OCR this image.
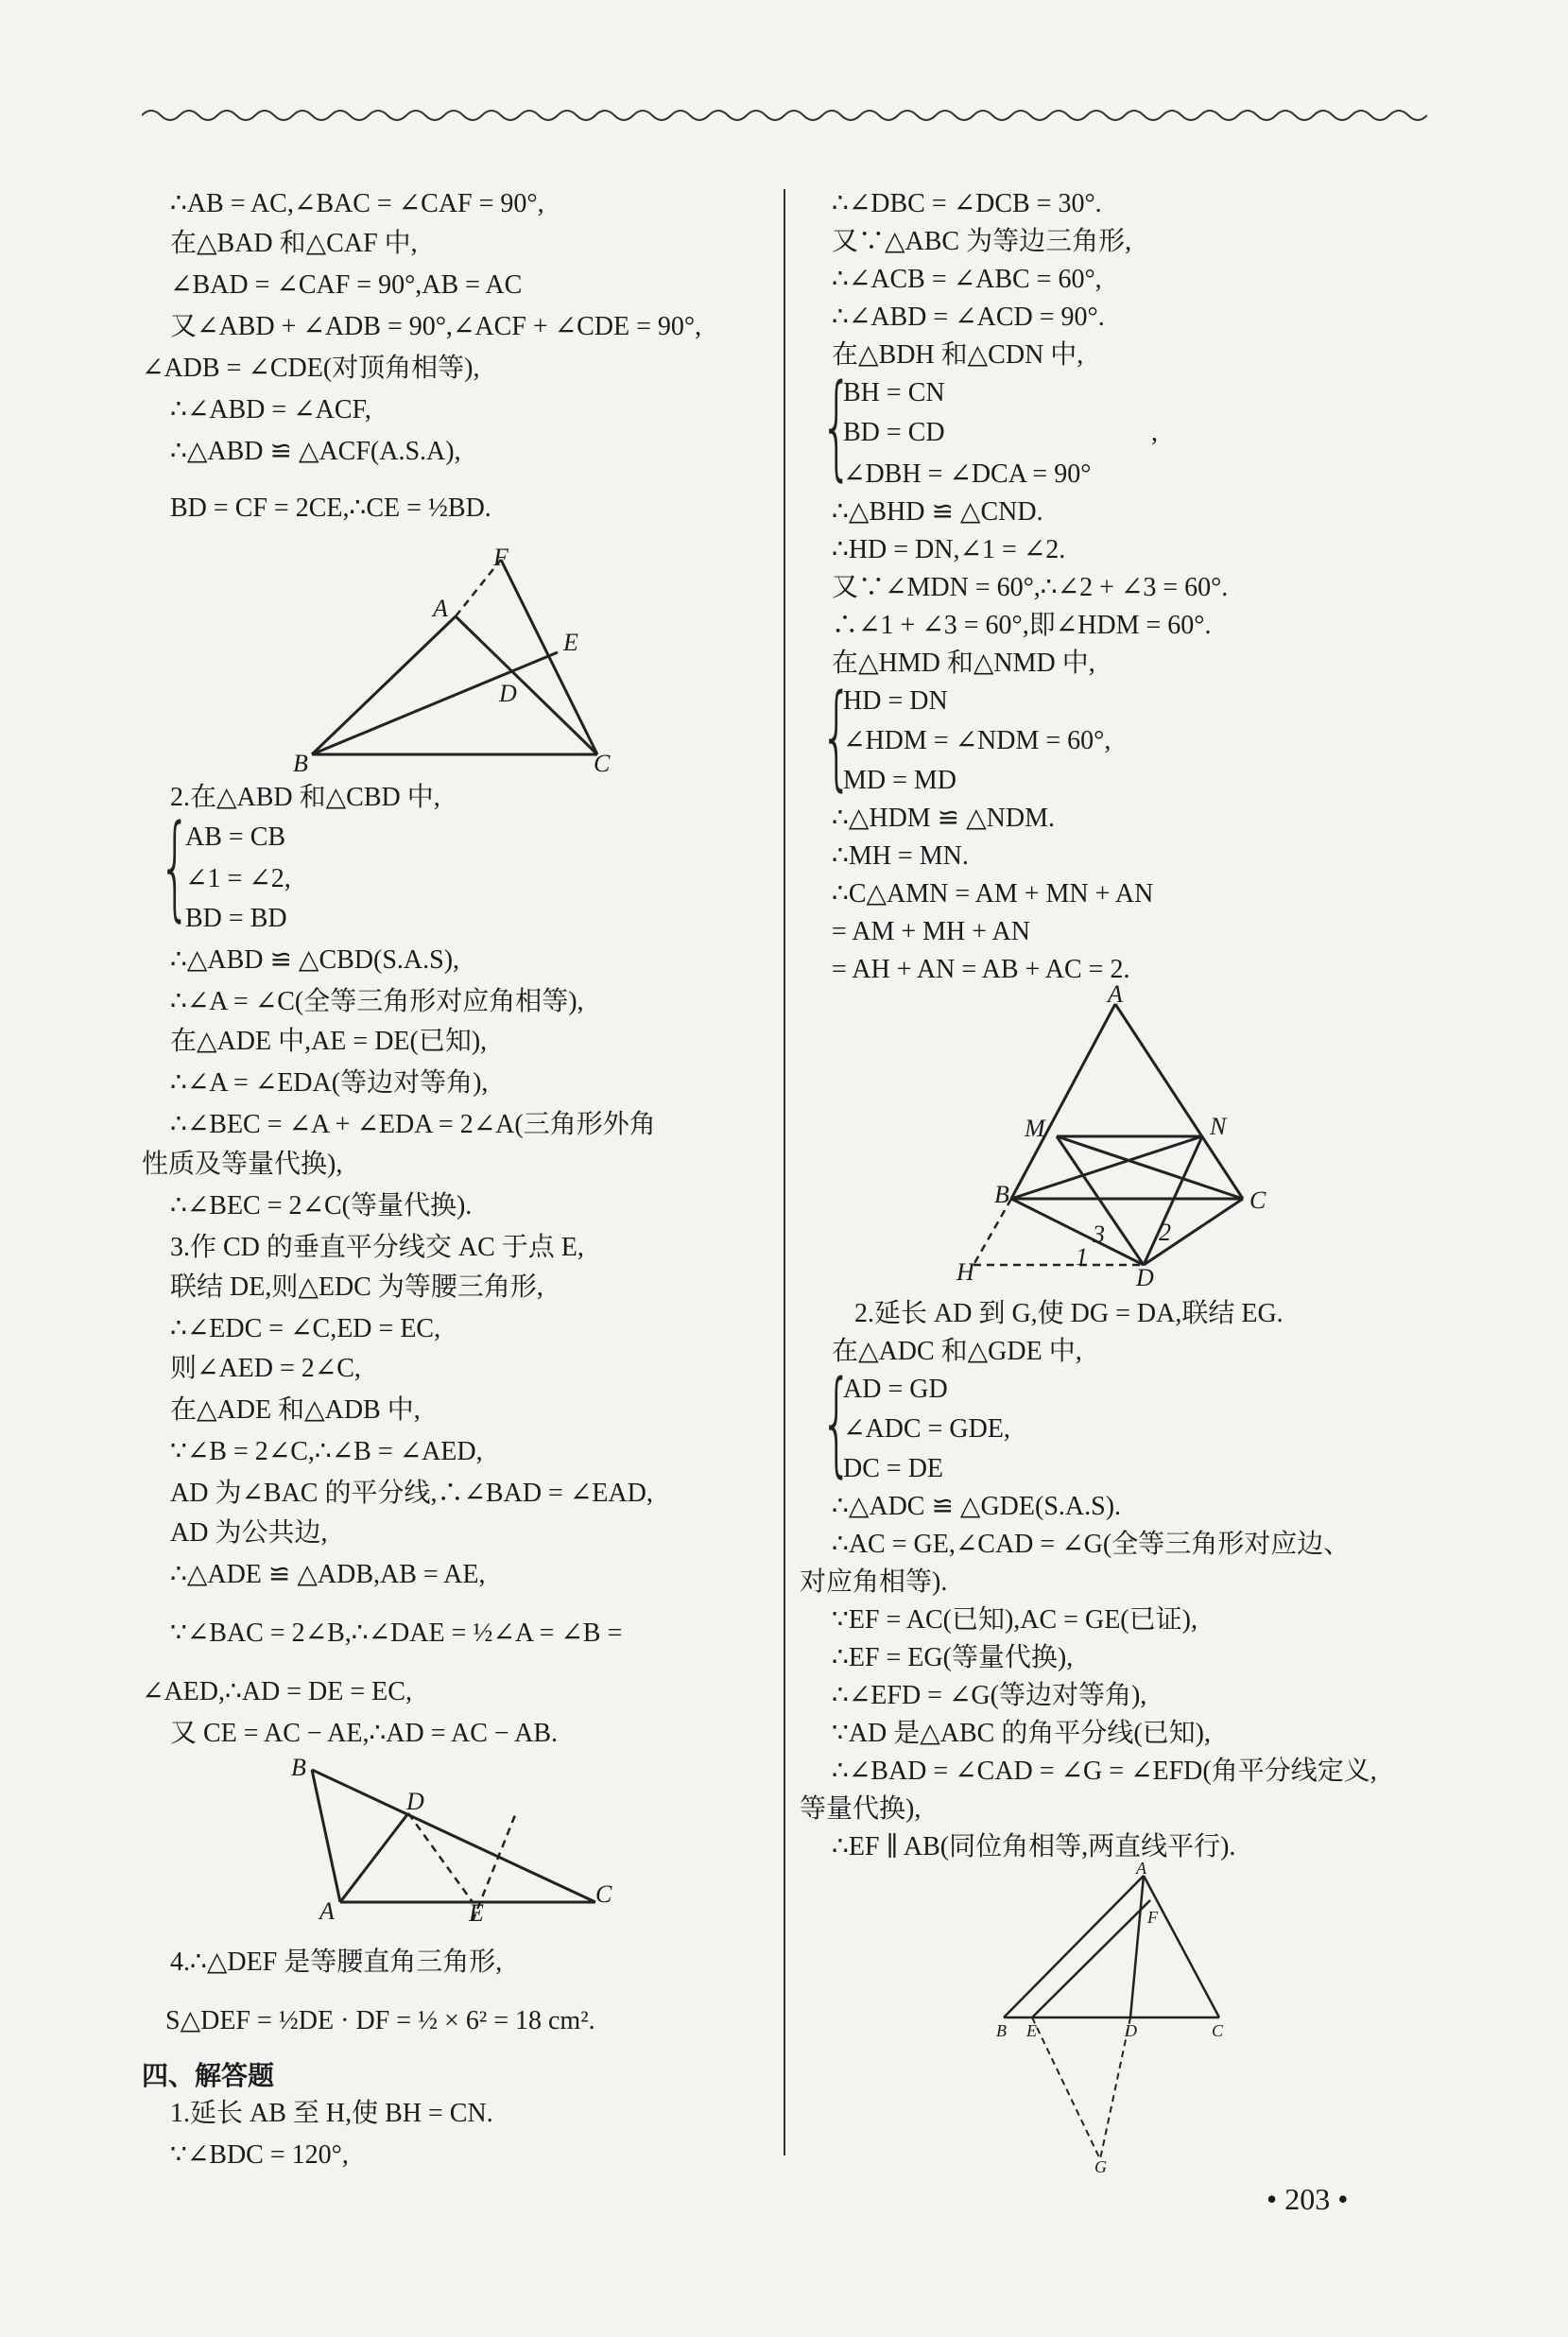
∴AB = AC,∠BAC = ∠CAF = 90°,
在△BAD 和△CAF 中,
∠BAD = ∠CAF = 90°,AB = AC
又∠ABD + ∠ADB = 90°,∠ACF + ∠CDE = 90°,
∠ADB = ∠CDE(对顶角相等),
∴∠ABD = ∠ACF,
∴△ABD ≌ △ACF(A.S.A),
BD = CF = 2CE,∴CE = ½BD.
F
A
E
D
B	C
2.在△ABD 和△CBD 中,
{
AB = CB
∠1 = ∠2,
BD = BD
∴△ABD ≌ △CBD(S.A.S),
∴∠A = ∠C(全等三角形对应角相等),
在△ADE 中,AE = DE(已知),
∴∠A = ∠EDA(等边对等角),
∴∠BEC = ∠A + ∠EDA = 2∠A(三角形外角
性质及等量代换),
∴∠BEC = 2∠C(等量代换).
3.作 CD 的垂直平分线交 AC 于点 E,
联结 DE,则△EDC 为等腰三角形,
∴∠EDC = ∠C,ED = EC,
则∠AED = 2∠C,
在△ADE 和△ADB 中,
∵∠B = 2∠C,∴∠B = ∠AED,
AD 为∠BAC 的平分线,∴∠BAD = ∠EAD,
AD 为公共边,
∴△ADE ≌ △ADB,AB = AE,
∵∠BAC = 2∠B,∴∠DAE = ½∠A = ∠B =
∠AED,∴AD = DE = EC,
又 CE = AC − AE,∴AD = AC − AB.
B
D
A	E
C
4.∴△DEF 是等腰直角三角形,
S△DEF = ½DE · DF = ½ × 6² = 18 cm².
四、解答题
1.延长 AB 至 H,使 BH = CN.
∵∠BDC = 120°,
∴∠DBC = ∠DCB = 30°.
又∵△ABC 为等边三角形,
∴∠ACB = ∠ABC = 60°,
∴∠ABD = ∠ACD = 90°.
在△BDH 和△CDN 中,
{
BH = CN
BD = CD	,
∠DBH = ∠DCA = 90°
∴△BHD ≌ △CND.
∴HD = DN,∠1 = ∠2.
又∵∠MDN = 60°,∴∠2 + ∠3 = 60°.
∴∠1 + ∠3 = 60°,即∠HDM = 60°.
在△HMD 和△NMD 中,
{
HD = DN
∠HDM = ∠NDM = 60°,
MD = MD
∴△HDM ≌ △NDM.
∴MH = MN.
∴C△AMN = AM + MN + AN
= AM + MH + AN
= AH + AN = AB + AC = 2.
A
M	N
B	C
3 2
1
H	D
2.延长 AD 到 G,使 DG = DA,联结 EG.
在△ADC 和△GDE 中,
{
AD = GD
∠ADC = GDE,
DC = DE
∴△ADC ≌ △GDE(S.A.S).
∴AC = GE,∠CAD = ∠G(全等三角形对应边、
对应角相等).
∵EF = AC(已知),AC = GE(已证),
∴EF = EG(等量代换),
∴∠EFD = ∠G(等边对等角),
∵AD 是△ABC 的角平分线(已知),
∴∠BAD = ∠CAD = ∠G = ∠EFD(角平分线定义,
等量代换),
∴EF ∥ AB(同位角相等,两直线平行).
A
F
B E	D	C
G
• 203 •
